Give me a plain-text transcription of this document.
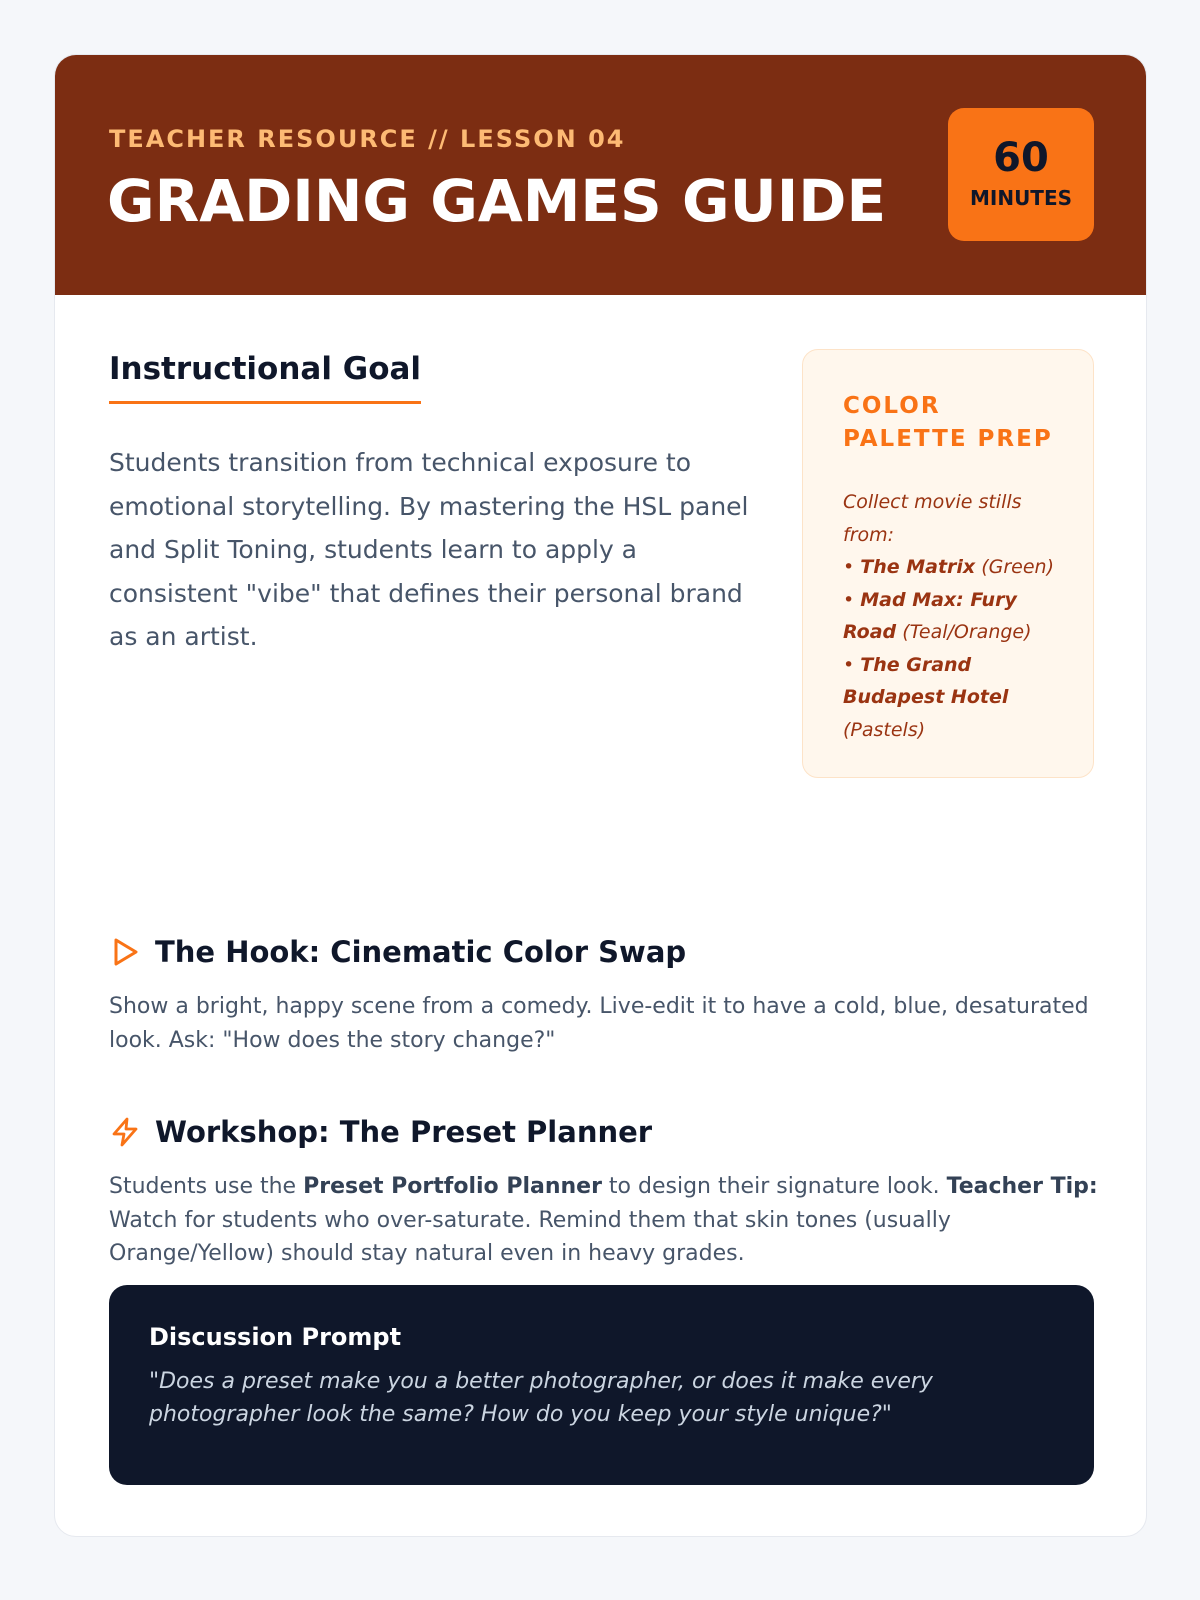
TEACHER RESOURCE // LESSON 04
GRADING GAMES GUIDE
60
MINUTES
Instructional Goal

Students transition from technical exposure to emotional storytelling. By mastering the HSL panel and Split Toning, students learn to apply a consistent "vibe" that defines their personal brand as an artist.

COLOR PALETTE PREP
Collect movie stills from:
• The Matrix (Green)
• Mad Max: Fury Road (Teal/Orange)
• The Grand Budapest Hotel (Pastels)
The Hook: Cinematic Color Swap

Show a bright, happy scene from a comedy. Live-edit it to have a cold, blue, desaturated look. Ask: "How does the story change?"

Workshop: The Preset Planner

Students use the Preset Portfolio Planner to design their signature look. Teacher Tip: Watch for students who over-saturate. Remind them that skin tones (usually Orange/Yellow) should stay natural even in heavy grades.

Discussion Prompt

"Does a preset make you a better photographer, or does it make every photographer look the same? How do you keep your style unique?"
